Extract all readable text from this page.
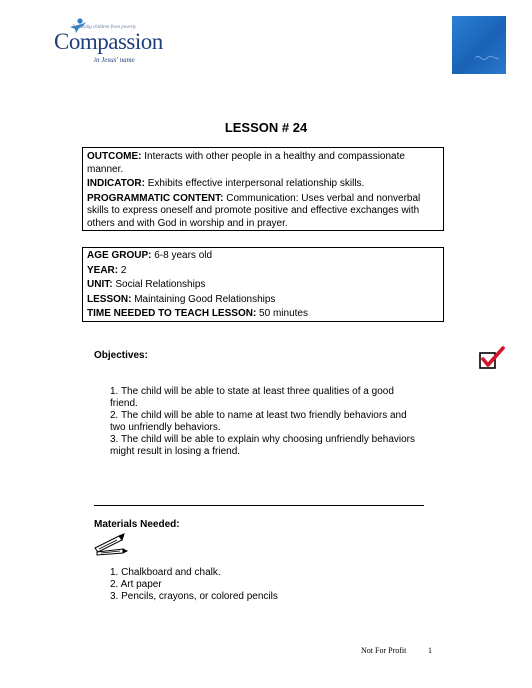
Releasing children from poverty
Compassion
in Jesus' name
LESSON # 24

OUTCOME: Interacts with other people in a healthy and compassionate manner.

INDICATOR: Exhibits effective interpersonal relationship skills.

PROGRAMMATIC CONTENT: Communication: Uses verbal and nonverbal skills to express oneself and promote positive and effective exchanges with others and with God in worship and in prayer.

AGE GROUP: 6-8 years old

YEAR: 2

UNIT: Social Relationships

LESSON: Maintaining Good Relationships

TIME NEEDED TO TEACH LESSON: 50 minutes

Objectives:
1. The child will be able to state at least three qualities of a good friend.
2. The child will be able to name at least two friendly behaviors and two unfriendly behaviors.
3. The child will be able to explain why choosing unfriendly behaviors might result in losing a friend.
Materials Needed:
1. Chalkboard and chalk.
2. Art paper
3. Pencils, crayons, or colored pencils
Not For Profit	1
